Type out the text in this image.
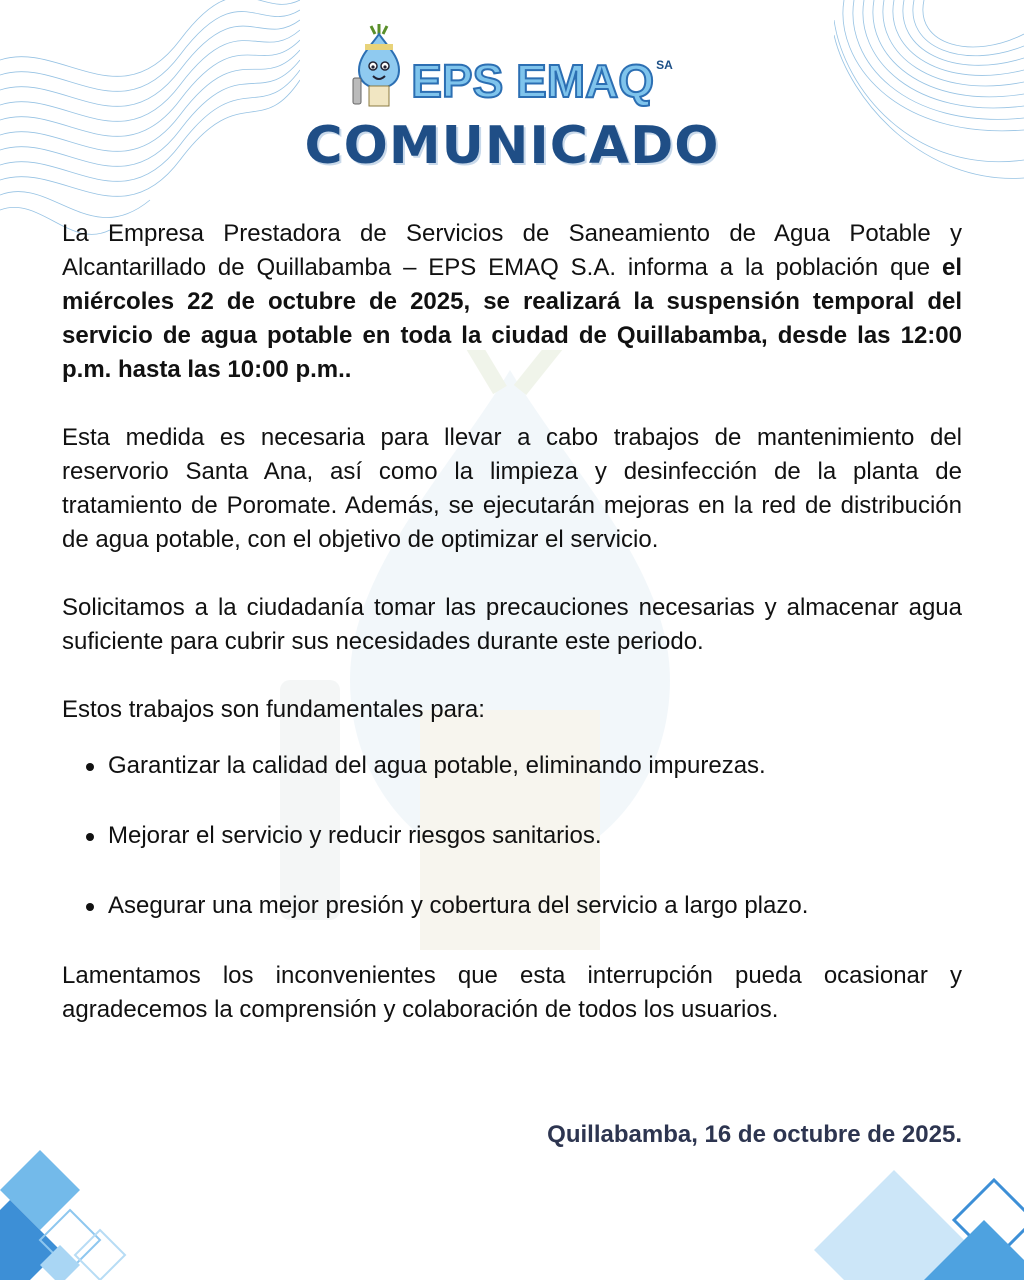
EPS EMAQ SA
COMUNICADO

La Empresa Prestadora de Servicios de Saneamiento de Agua Potable y Alcantarillado de Quillabamba – EPS EMAQ S.A. informa a la población que el miércoles 22 de octubre de 2025, se realizará la suspensión temporal del servicio de agua potable en toda la ciudad de Quillabamba, desde las 12:00 p.m. hasta las 10:00 p.m..

Esta medida es necesaria para llevar a cabo trabajos de mantenimiento del reservorio Santa Ana, así como la limpieza y desinfección de la planta de tratamiento de Poromate. Además, se ejecutarán mejoras en la red de distribución de agua potable, con el objetivo de optimizar el servicio.

Solicitamos a la ciudadanía tomar las precauciones necesarias y almacenar agua suficiente para cubrir sus necesidades durante este periodo.

Estos trabajos son fundamentales para:

Garantizar la calidad del agua potable, eliminando impurezas.
Mejorar el servicio y reducir riesgos sanitarios.
Asegurar una mejor presión y cobertura del servicio a largo plazo.

Lamentamos los inconvenientes que esta interrupción pueda ocasionar y agradecemos la comprensión y colaboración de todos los usuarios.

Quillabamba, 16 de octubre de 2025.
